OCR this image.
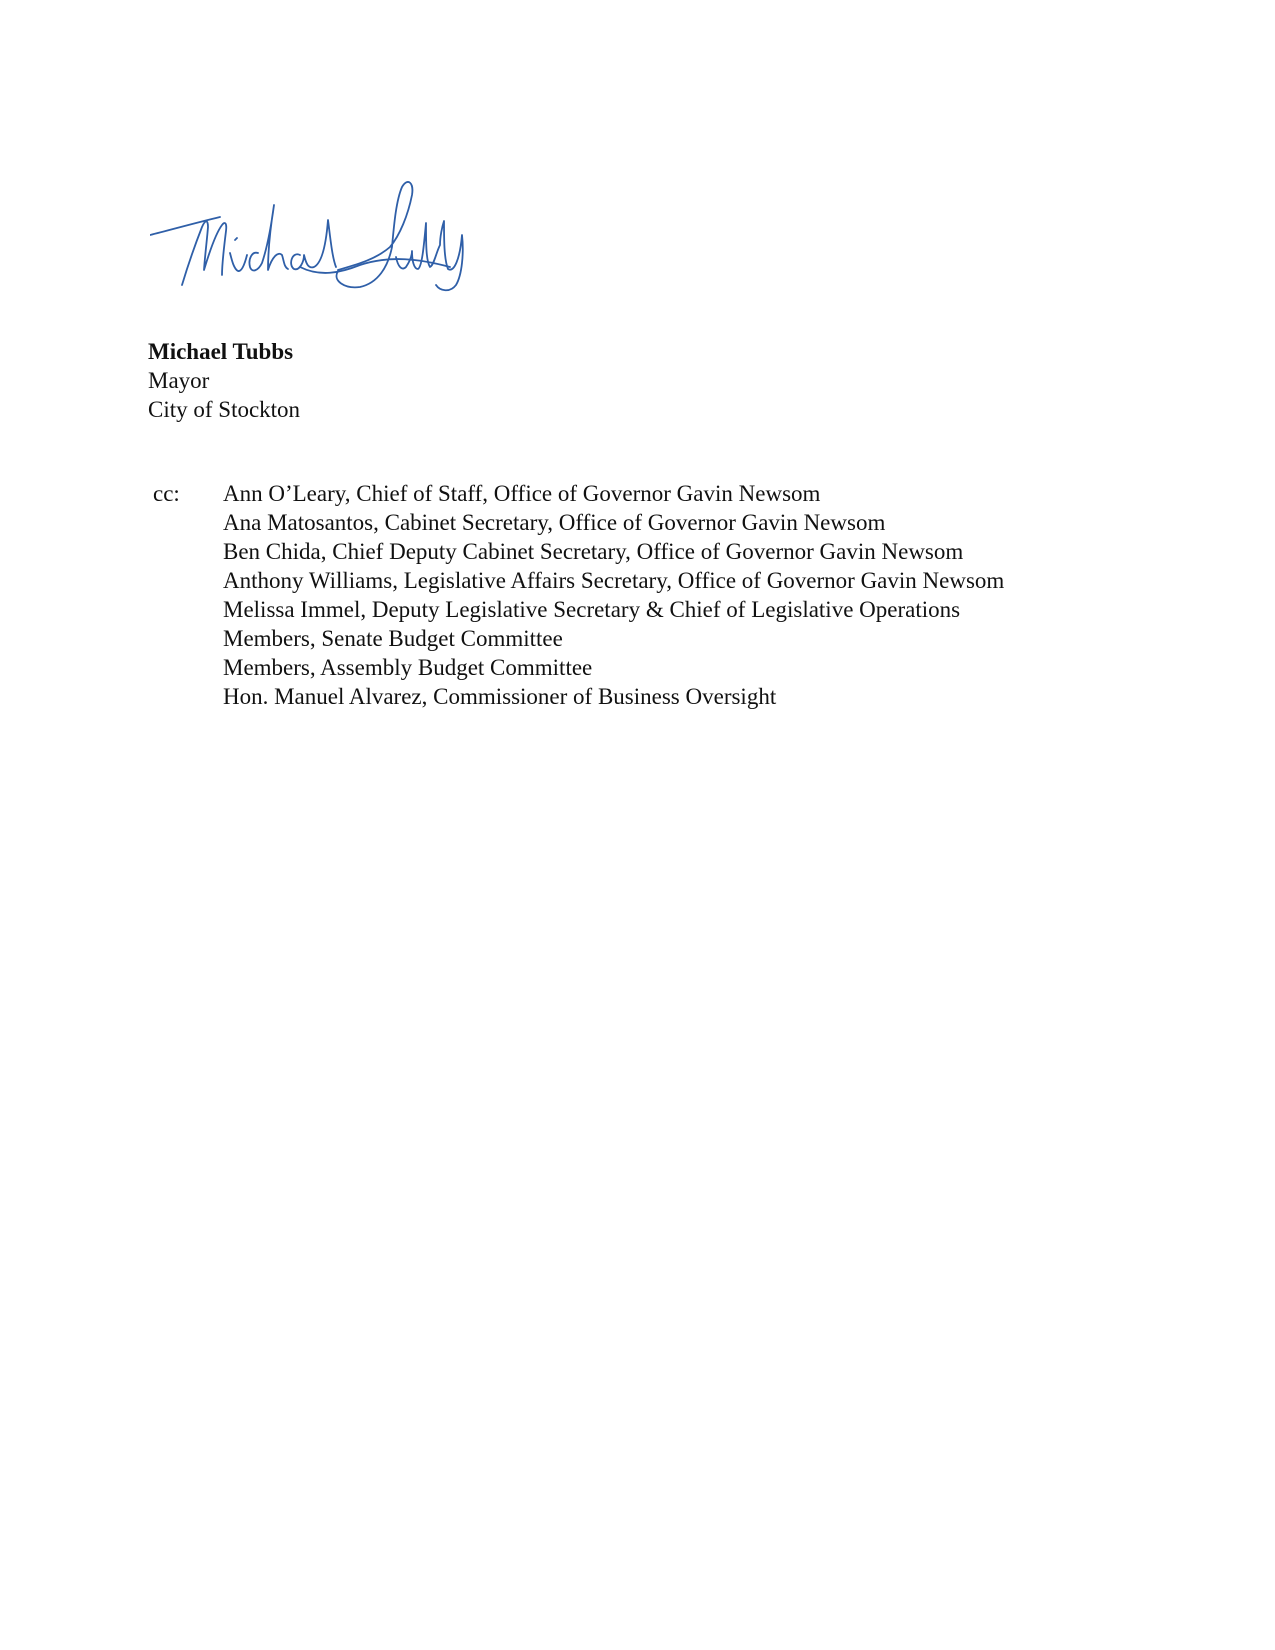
Michael Tubbs
Mayor
City of Stockton
cc:	Ann O’Leary, Chief of Staff, Office of Governor Gavin Newsom
Ana Matosantos, Cabinet Secretary, Office of Governor Gavin Newsom
Ben Chida, Chief Deputy Cabinet Secretary, Office of Governor Gavin Newsom
Anthony Williams, Legislative Affairs Secretary, Office of Governor Gavin Newsom
Melissa Immel, Deputy Legislative Secretary & Chief of Legislative Operations
Members, Senate Budget Committee
Members, Assembly Budget Committee
Hon. Manuel Alvarez, Commissioner of Business Oversight
